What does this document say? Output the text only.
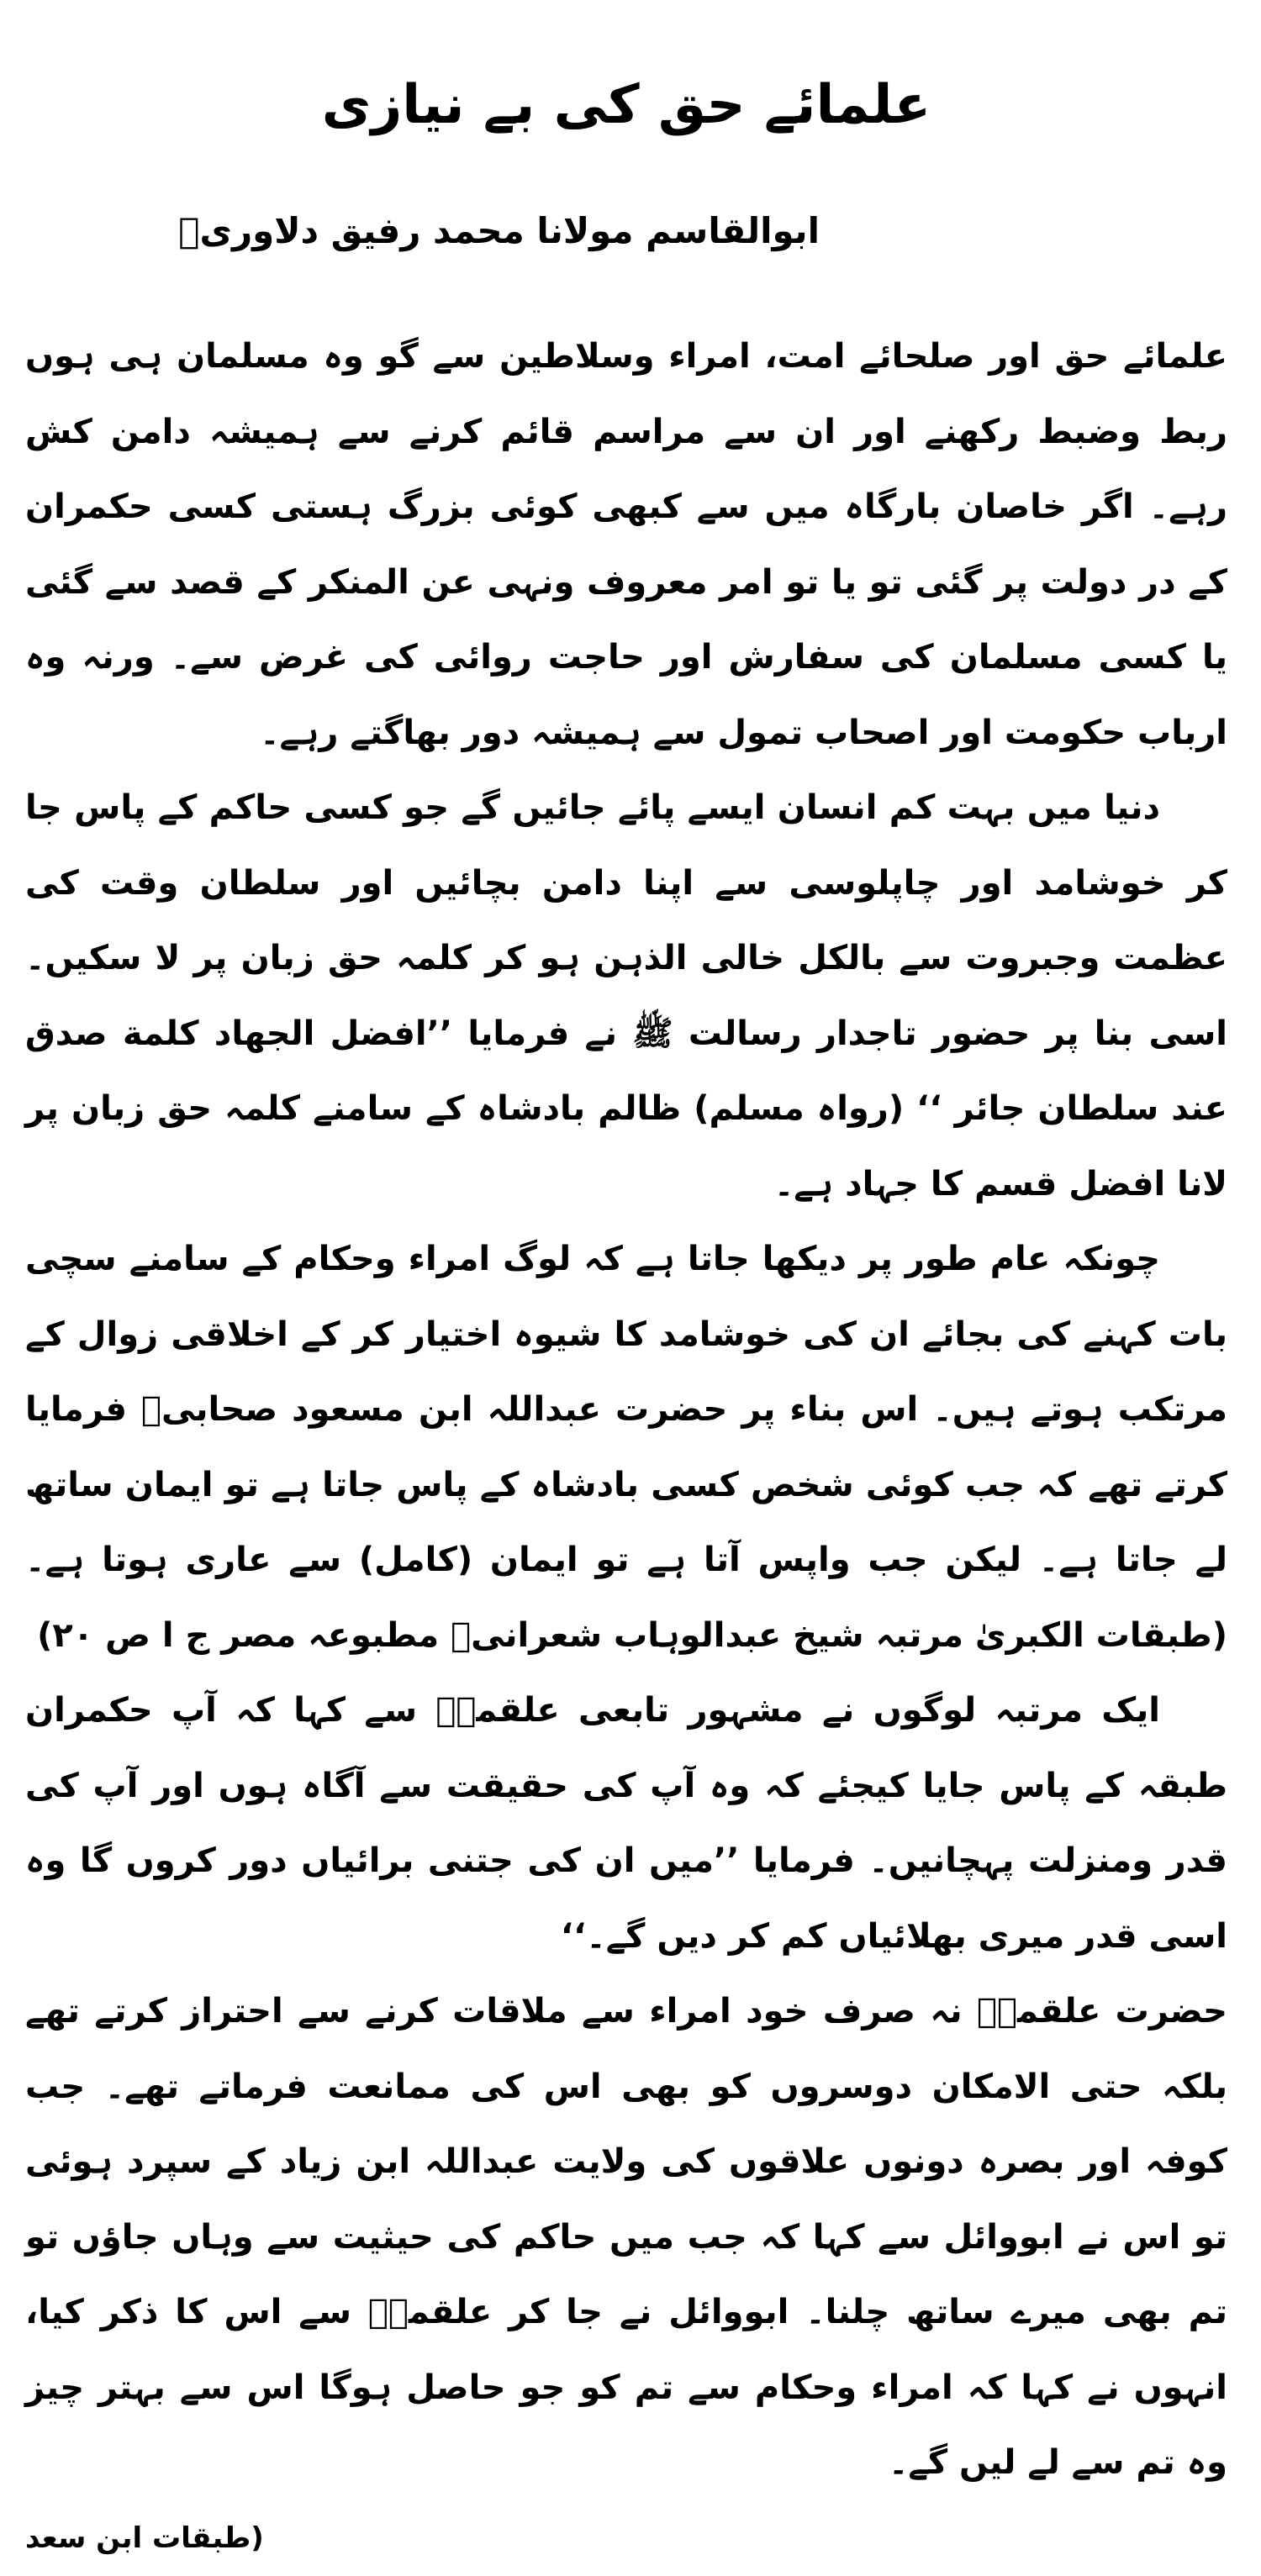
علمائے حق کی بے نیازی

ابوالقاسم مولانا محمد رفیق دلاوریؒ

علمائے حق اور صلحائے امت، امراء وسلاطین سے گو وہ مسلمان ہی ہوں ربط وضبط رکھنے اور ان سے مراسم قائم کرنے سے ہمیشہ دامن کش رہے۔ اگر خاصان بارگاہ میں سے کبھی کوئی بزرگ ہستی کسی حکمران کے در دولت پر گئی تو یا تو امر معروف ونہی عن المنکر کے قصد سے گئی یا کسی مسلمان کی سفارش اور حاجت روائی کی غرض سے۔ ورنہ وہ ارباب حکومت اور اصحاب تمول سے ہمیشہ دور بھاگتے رہے۔

دنیا میں بہت کم انسان ایسے پائے جائیں گے جو کسی حاکم کے پاس جا کر خوشامد اور چاپلوسی سے اپنا دامن بچائیں اور سلطان وقت کی عظمت وجبروت سے بالکل خالی الذہن ہو کر کلمہ حق زبان پر لا سکیں۔ اسی بنا پر حضور تاجدار رسالت ﷺ نے فرمایا ’’افضل الجهاد كلمة صدق عند سلطان جائر ‘‘ (رواہ مسلم) ظالم بادشاہ کے سامنے کلمہ حق زبان پر لانا افضل قسم کا جہاد ہے۔

چونکہ عام طور پر دیکھا جاتا ہے کہ لوگ امراء وحکام کے سامنے سچی بات کہنے کی بجائے ان کی خوشامد کا شیوہ اختیار کر کے اخلاقی زوال کے مرتکب ہوتے ہیں۔ اس بناء پر حضرت عبداللہ ابن مسعود صحابیؓ فرمایا کرتے تھے کہ جب کوئی شخص کسی بادشاہ کے پاس جاتا ہے تو ایمان ساتھ لے جاتا ہے۔ لیکن جب واپس آتا ہے تو ایمان (کامل) سے عاری ہوتا ہے۔ (طبقات الکبریٰ مرتبہ شیخ عبدالوہاب شعرانیؒ مطبوعہ مصر ج ا ص ۲۰)

ایک مرتبہ لوگوں نے مشہور تابعی علقمہؒ سے کہا کہ آپ حکمران طبقہ کے پاس جایا کیجئے کہ وہ آپ کی حقیقت سے آگاہ ہوں اور آپ کی قدر ومنزلت پہچانیں۔ فرمایا ’’میں ان کی جتنی برائیاں دور کروں گا وہ اسی قدر میری بھلائیاں کم کر دیں گے۔‘‘

حضرت علقمہؒ نہ صرف خود امراء سے ملاقات کرنے سے احتراز کرتے تھے بلکہ حتی الامکان دوسروں کو بھی اس کی ممانعت فرماتے تھے۔ جب کوفہ اور بصرہ دونوں علاقوں کی ولایت عبداللہ ابن زیاد کے سپرد ہوئی تو اس نے ابووائل سے کہا کہ جب میں حاکم کی حیثیت سے وہاں جاؤں تو تم بھی میرے ساتھ چلنا۔ ابووائل نے جا کر علقمہؒ سے اس کا ذکر کیا، انہوں نے کہا کہ امراء وحکام سے تم کو جو حاصل ہوگا اس سے بہتر چیز وہ تم سے لے لیں گے۔

(طبقات ابن سعد
